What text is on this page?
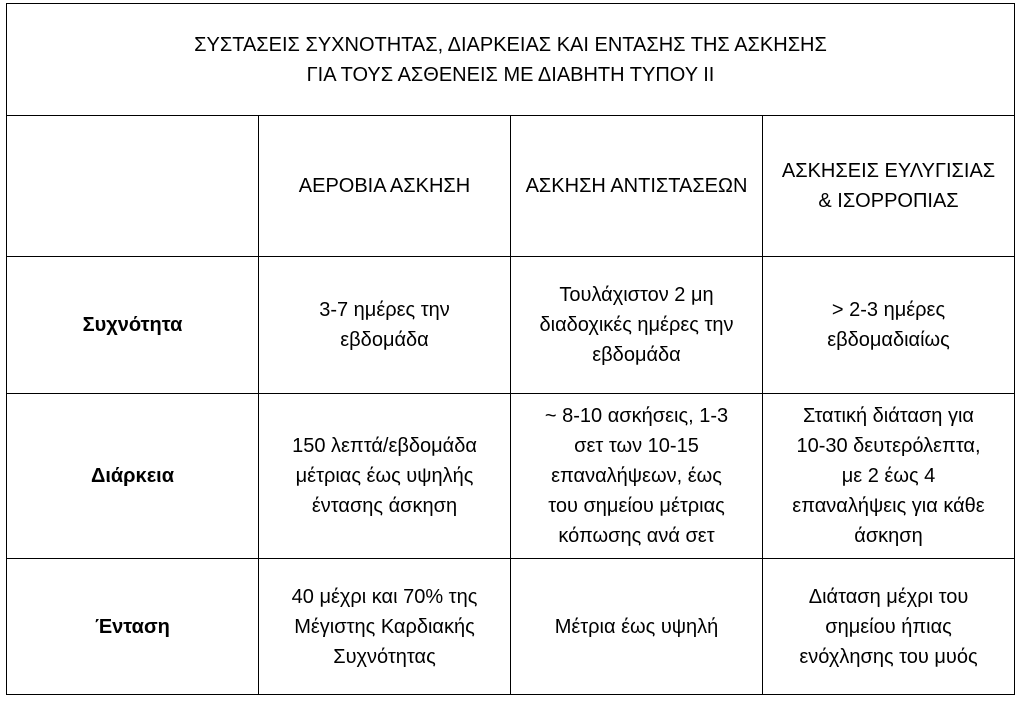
ΣΥΣΤΑΣΕΙΣ ΣΥΧΝΟΤΗΤΑΣ, ΔΙΑΡΚΕΙΑΣ ΚΑΙ ΕΝΤΑΣΗΣ ΤΗΣ ΑΣΚΗΣΗΣ
ΓΙΑ ΤΟΥΣ ΑΣΘΕΝΕΙΣ ΜΕ ΔΙΑΒΗΤΗ ΤΥΠΟΥ ΙΙ			

	ΑΕΡΟΒΙΑ ΑΣΚΗΣΗ	ΑΣΚΗΣΗ ΑΝΤΙΣΤΑΣΕΩΝ	ΑΣΚΗΣΕΙΣ ΕΥΛΥΓΙΣΙΑΣ
& ΙΣΟΡΡΟΠΙΑΣ

Συχνότητα	3-7 ημέρες την
εβδομάδα	Τουλάχιστον 2 μη
διαδοχικές ημέρες την
εβδομάδα	> 2-3 ημέρες
εβδομαδιαίως

Διάρκεια	150 λεπτά/εβδομάδα
μέτριας έως υψηλής
έντασης άσκηση	~ 8-10 ασκήσεις, 1-3
σετ των 10-15
επαναλήψεων, έως
του σημείου μέτριας
κόπωσης ανά σετ	Στατική διάταση για
10-30 δευτερόλεπτα,
με 2 έως 4
επαναλήψεις για κάθε
άσκηση

Ένταση	40 μέχρι και 70% της
Μέγιστης Καρδιακής
Συχνότητας	Μέτρια έως υψηλή	Διάταση μέχρι του
σημείου ήπιας
ενόχλησης του μυός
